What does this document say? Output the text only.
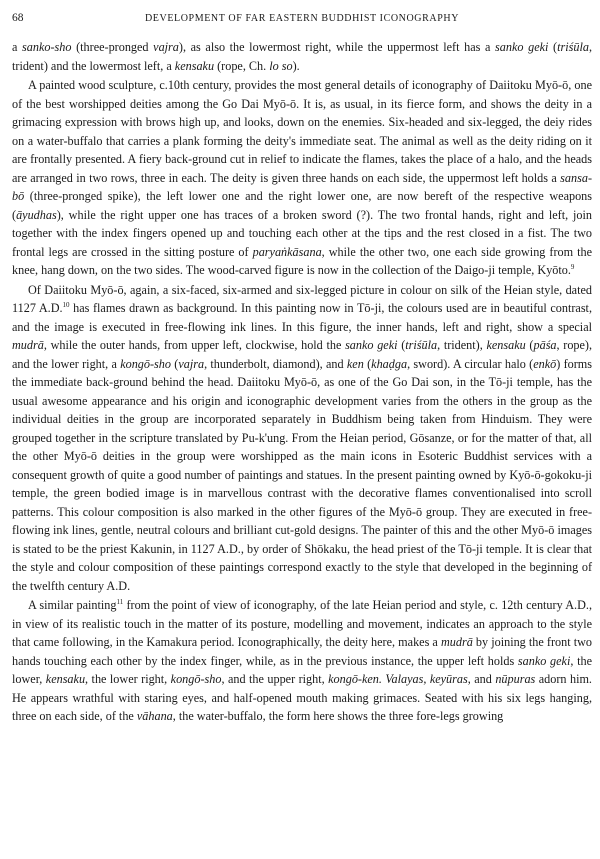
68	DEVELOPMENT OF FAR EASTERN BUDDHIST ICONOGRAPHY

a sanko-sho (three-pronged vajra), as also the lowermost right, while the uppermost left has a sanko geki (triśūla, trident) and the lowermost left, a kensaku (rope, Ch. lo so).

A painted wood sculpture, c.10th century, provides the most general details of iconography of Daiitoku Myō-ō, one of the best worshipped deities among the Go Dai Myō-ō. It is, as usual, in its fierce form, and shows the deity in a grimacing expression with brows high up, and looks, down on the enemies. Six-headed and six-legged, the deiy rides on a water-buffalo that carries a plank forming the deity's immediate seat. The animal as well as the deity riding on it are frontally presented. A fiery back-ground cut in relief to indicate the flames, takes the place of a halo, and the heads are arranged in two rows, three in each. The deity is given three hands on each side, the uppermost left holds a sansa-bō (three-pronged spike), the left lower one and the right lower one, are now bereft of the respective weapons (āyudhas), while the right upper one has traces of a broken sword (?). The two frontal hands, right and left, join together with the index fingers opened up and touching each other at the tips and the rest closed in a fist. The two frontal legs are crossed in the sitting posture of paryaṅkāsana, while the other two, one each side growing from the knee, hang down, on the two sides. The wood-carved figure is now in the collection of the Daigo-ji temple, Kyōto.$^9$

Of Daiitoku Myō-ō, again, a six-faced, six-armed and six-legged picture in colour on silk of the Heian style, dated 1127 A.D.$^{10}$ has flames drawn as background. In this painting now in Tō-ji, the colours used are in beautiful contrast, and the image is executed in free-flowing ink lines. In this figure, the inner hands, left and right, show a special mudrā, while the outer hands, from upper left, clockwise, hold the sanko geki (triśūla, trident), kensaku (pāśa, rope), and the lower right, a kongō-sho (vajra, thunderbolt, diamond), and ken (khaḍga, sword). A circular halo (enkō) forms the immediate back-ground behind the head. Daiitoku Myō-ō, as one of the Go Dai son, in the Tō-ji temple, has the usual awesome appearance and his origin and iconographic development varies from the others in the group as the individual deities in the group are incorporated separately in Buddhism being taken from Hinduism. They were grouped together in the scripture translated by Pu-k'ung. From the Heian period, Gōsanze, or for the matter of that, all the other Myō-ō deities in the group were worshipped as the main icons in Esoteric Buddhist services with a consequent growth of quite a good number of paintings and statues. In the present painting owned by Kyō-ō-gokoku-ji temple, the green bodied image is in marvellous contrast with the decorative flames conventionalised into scroll patterns. This colour composition is also marked in the other figures of the Myō-ō group. They are executed in free-flowing ink lines, gentle, neutral colours and brilliant cut-gold designs. The painter of this and the other Myō-ō images is stated to be the priest Kakunin, in 1127 A.D., by order of Shōkaku, the head priest of the Tō-ji temple. It is clear that the style and colour composition of these paintings correspond exactly to the style that developed in the beginning of the twelfth century A.D.

A similar painting$^{11}$ from the point of view of iconography, of the late Heian period and style, c. 12th century A.D., in view of its realistic touch in the matter of its posture, modelling and movement, indicates an approach to the style that came following, in the Kamakura period. Iconographically, the deity here, makes a mudrā by joining the front two hands touching each other by the index finger, while, as in the previous instance, the upper left holds sanko geki, the lower, kensaku, the lower right, kongō-sho, and the upper right, kongō-ken. Valayas, keyūras, and nūpuras adorn him. He appears wrathful with staring eyes, and half-opened mouth making grimaces. Seated with his six legs hanging, three on each side, of the vāhana, the water-buffalo, the form here shows the three fore-legs growing
